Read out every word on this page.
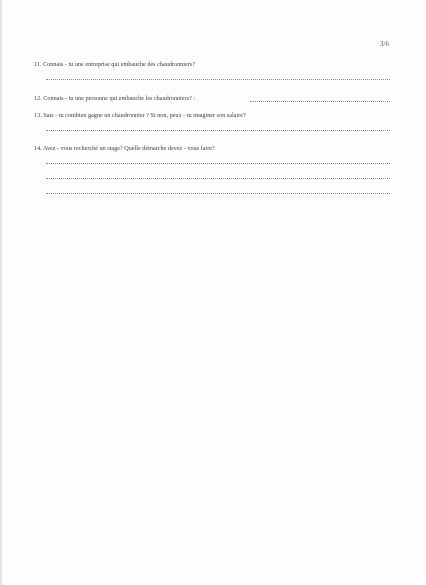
3/6
11. Connais - tu une entreprise qui embauche des chaudronniers?
12. Connais - tu une personne qui embauche les chaudronniers? :
13. Sais - tu combien gagne un chaudronnier ? Si non, peux - tu imaginer son salaire?
14. Avez - vous recherché un stage? Quelle démarche devez - vous faire?
